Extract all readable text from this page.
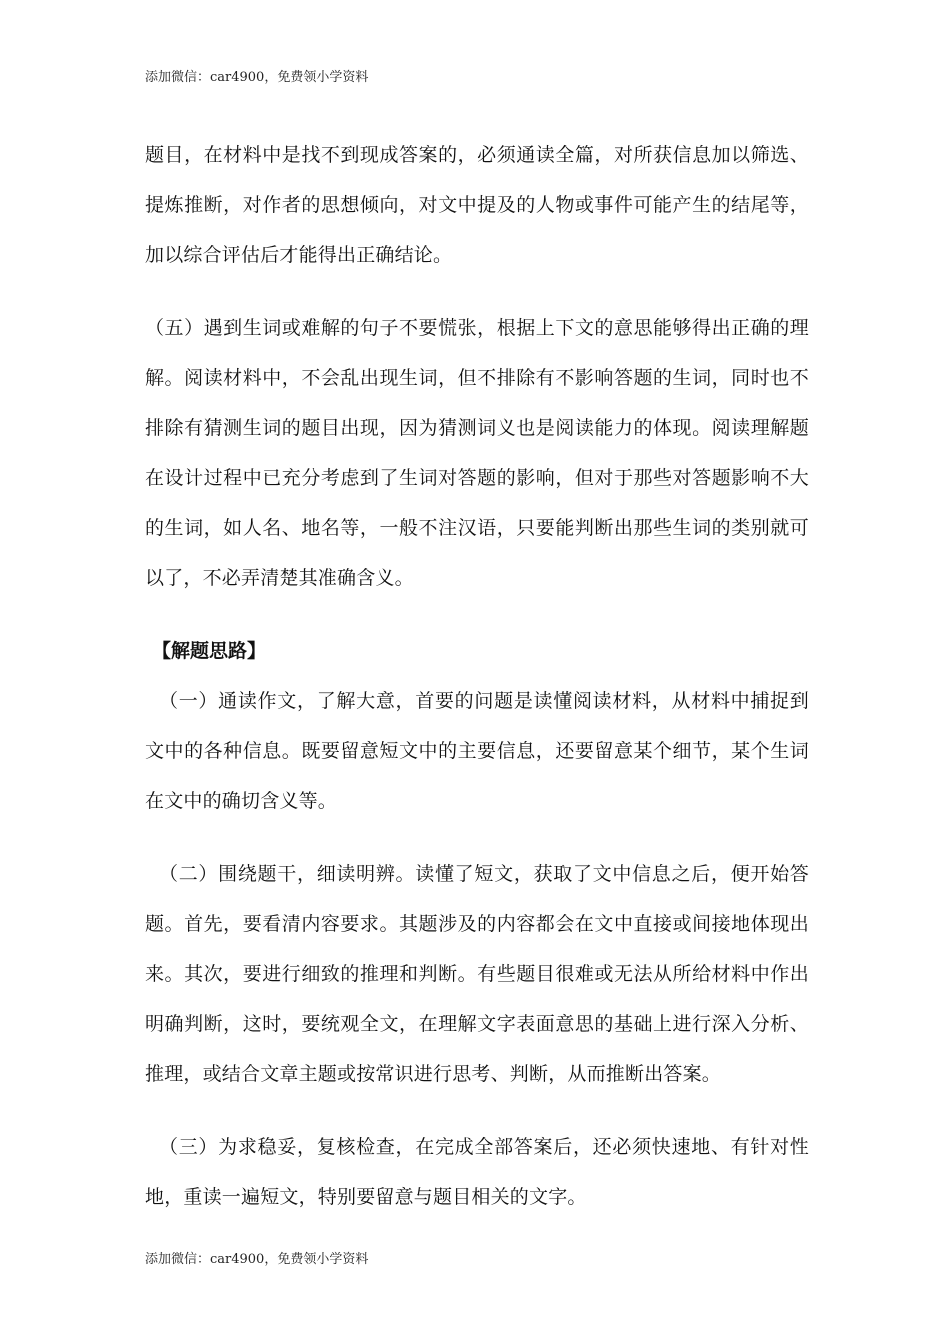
添加微信：car4900，免费领小学资料

题目，在材料中是找不到现成答案的，必须通读全篇，对所获信息加以筛选、提炼推断，对作者的思想倾向，对文中提及的人物或事件可能产生的结尾等，加以综合评估后才能得出正确结论。

（五）遇到生词或难解的句子不要慌张，根据上下文的意思能够得出正确的理解。阅读材料中，不会乱出现生词，但不排除有不影响答题的生词，同时也不排除有猜测生词的题目出现，因为猜测词义也是阅读能力的体现。阅读理解题在设计过程中已充分考虑到了生词对答题的影响，但对于那些对答题影响不大的生词，如人名、地名等，一般不注汉语，只要能判断出那些生词的类别就可以了，不必弄清楚其准确含义。

【解题思路】

（一）通读作文，了解大意，首要的问题是读懂阅读材料，从材料中捕捉到文中的各种信息。既要留意短文中的主要信息，还要留意某个细节，某个生词在文中的确切含义等。

（二）围绕题干，细读明辨。读懂了短文，获取了文中信息之后，便开始答题。首先，要看清内容要求。其题涉及的内容都会在文中直接或间接地体现出来。其次，要进行细致的推理和判断。有些题目很难或无法从所给材料中作出明确判断，这时，要统观全文，在理解文字表面意思的基础上进行深入分析、推理，或结合文章主题或按常识进行思考、判断，从而推断出答案。

（三）为求稳妥，复核检查，在完成全部答案后，还必须快速地、有针对性地，重读一遍短文，特别要留意与题目相关的文字。

添加微信：car4900，免费领小学资料
